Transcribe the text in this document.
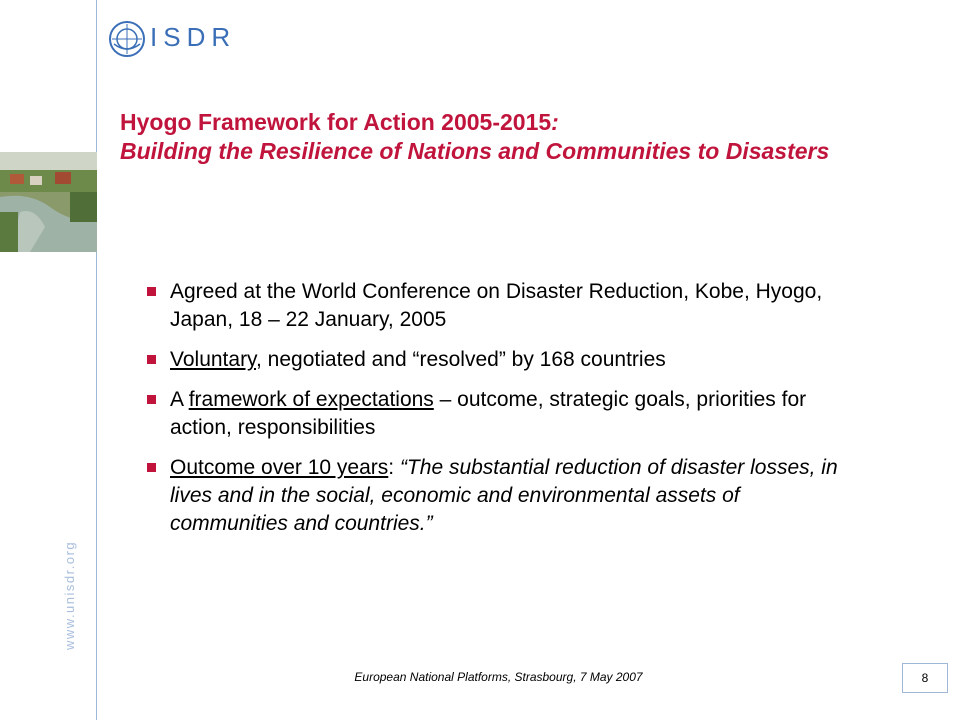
ISDR
www.unisdr.org
Hyogo Framework for Action 2005-2015:
Building the Resilience of Nations and Communities to Disasters
Agreed at the World Conference on Disaster Reduction, Kobe, Hyogo, Japan, 18 – 22 January, 2005
Voluntary, negotiated and “resolved” by 168 countries
A framework of expectations – outcome, strategic goals, priorities for action, responsibilities
Outcome over 10 years: “The substantial reduction of disaster losses, in lives and in the social, economic and environmental assets of communities and countries.”
European National Platforms, Strasbourg, 7 May 2007	8
